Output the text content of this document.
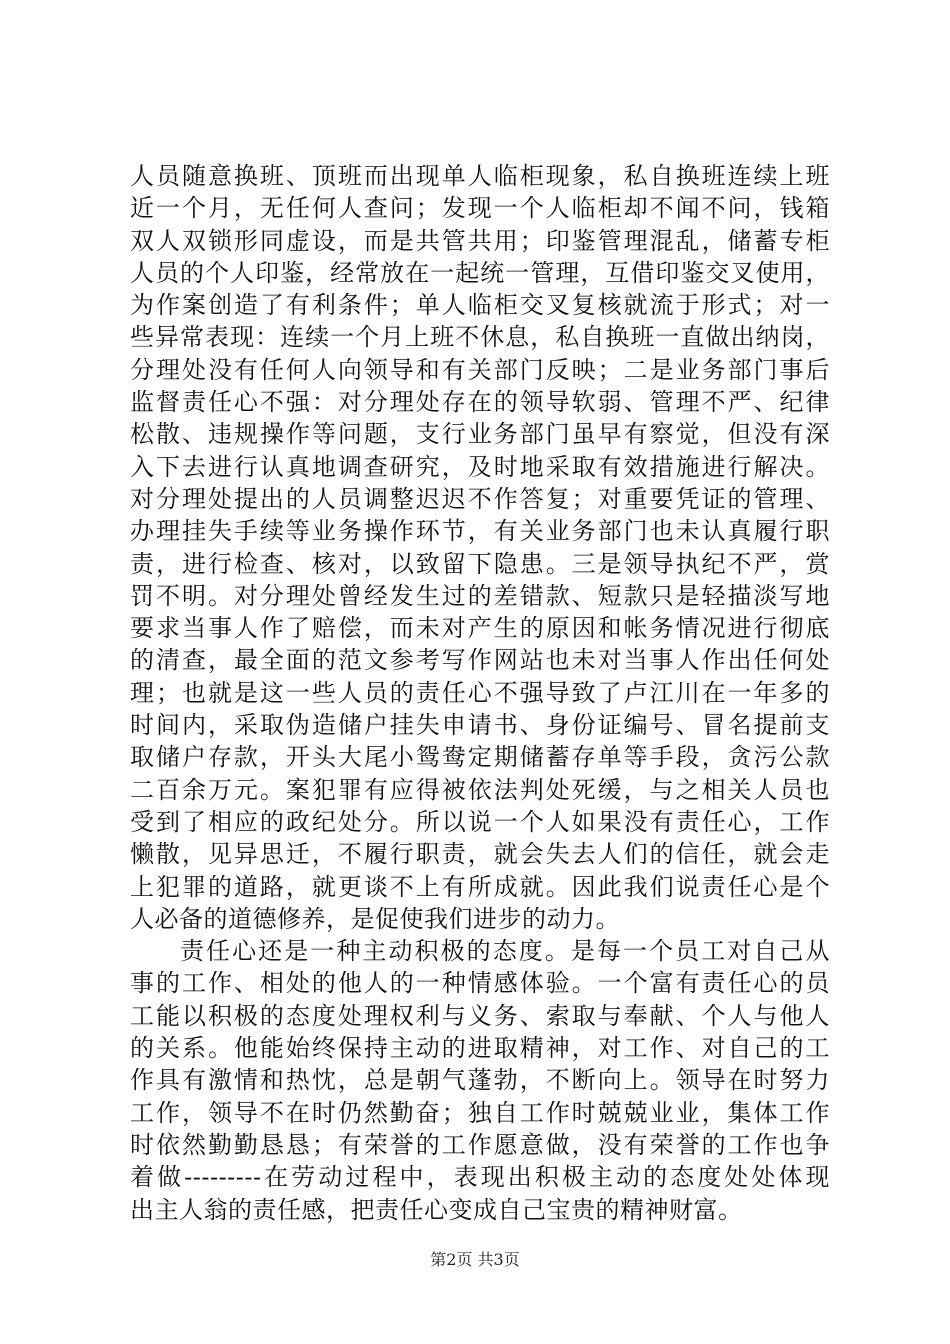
人员随意换班、顶班而出现单人临柜现象，私自换班连续上班
近一个月，无任何人查问；发现一个人临柜却不闻不问，钱箱
双人双锁形同虚设，而是共管共用；印鉴管理混乱，储蓄专柜
人员的个人印鉴，经常放在一起统一管理，互借印鉴交叉使用，
为作案创造了有利条件；单人临柜交叉复核就流于形式；对一
些异常表现：连续一个月上班不休息，私自换班一直做出纳岗，
分理处没有任何人向领导和有关部门反映；二是业务部门事后
监督责任心不强：对分理处存在的领导软弱、管理不严、纪律
松散、违规操作等问题，支行业务部门虽早有察觉，但没有深
入下去进行认真地调查研究，及时地采取有效措施进行解决。
对分理处提出的人员调整迟迟不作答复；对重要凭证的管理、
办理挂失手续等业务操作环节，有关业务部门也未认真履行职
责，进行检查、核对，以致留下隐患。三是领导执纪不严，赏
罚不明。对分理处曾经发生过的差错款、短款只是轻描淡写地
要求当事人作了赔偿，而未对产生的原因和帐务情况进行彻底
的清查，最全面的范文参考写作网站也未对当事人作出任何处
理；也就是这一些人员的责任心不强导致了卢江川在一年多的
时间内，采取伪造储户挂失申请书、身份证编号、冒名提前支
取储户存款，开头大尾小鸳鸯定期储蓄存单等手段，贪污公款
二百余万元。案犯罪有应得被依法判处死缓，与之相关人员也
受到了相应的政纪处分。所以说一个人如果没有责任心，工作
懒散，见异思迁，不履行职责，就会失去人们的信任，就会走
上犯罪的道路，就更谈不上有所成就。因此我们说责任心是个
人必备的道德修养，是促使我们进步的动力。
责任心还是一种主动积极的态度。是每一个员工对自己从
事的工作、相处的他人的一种情感体验。一个富有责任心的员
工能以积极的态度处理权利与义务、索取与奉献、个人与他人
的关系。他能始终保持主动的进取精神，对工作、对自己的工
作具有激情和热忱，总是朝气蓬勃，不断向上。领导在时努力
工作，领导不在时仍然勤奋；独自工作时兢兢业业，集体工作
时依然勤勤恳恳；有荣誉的工作愿意做，没有荣誉的工作也争
着做---------在劳动过程中，表现出积极主动的态度处处体现
出主人翁的责任感，把责任心变成自己宝贵的精神财富。
第2页 共3页
